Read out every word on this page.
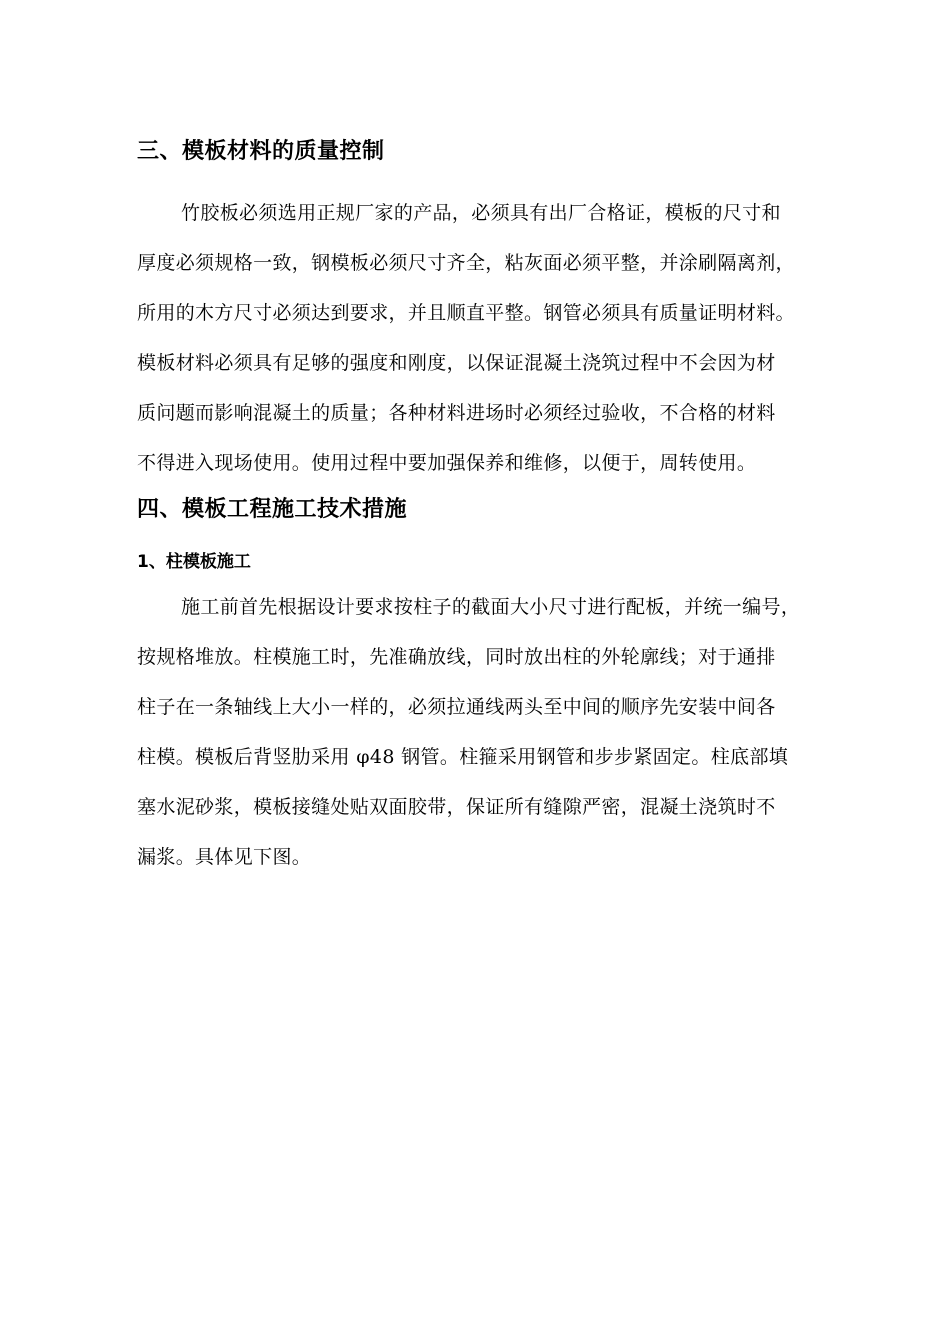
三、模板材料的质量控制
竹胶板必须选用正规厂家的产品，必须具有出厂合格证，模板的尺寸和
厚度必须规格一致，钢模板必须尺寸齐全，粘灰面必须平整，并涂刷隔离剂，
所用的木方尺寸必须达到要求，并且顺直平整。钢管必须具有质量证明材料。
模板材料必须具有足够的强度和刚度，以保证混凝土浇筑过程中不会因为材
质问题而影响混凝土的质量；各种材料进场时必须经过验收，不合格的材料
不得进入现场使用。使用过程中要加强保养和维修，以便于，周转使用。
四、模板工程施工技术措施
1、柱模板施工
施工前首先根据设计要求按柱子的截面大小尺寸进行配板，并统一编号，
按规格堆放。柱模施工时，先准确放线，同时放出柱的外轮廓线；对于通排
柱子在一条轴线上大小一样的，必须拉通线两头至中间的顺序先安装中间各
柱模。模板后背竖肋采用 φ48 钢管。柱箍采用钢管和步步紧固定。柱底部填
塞水泥砂浆，模板接缝处贴双面胶带，保证所有缝隙严密，混凝土浇筑时不
漏浆。具体见下图。
